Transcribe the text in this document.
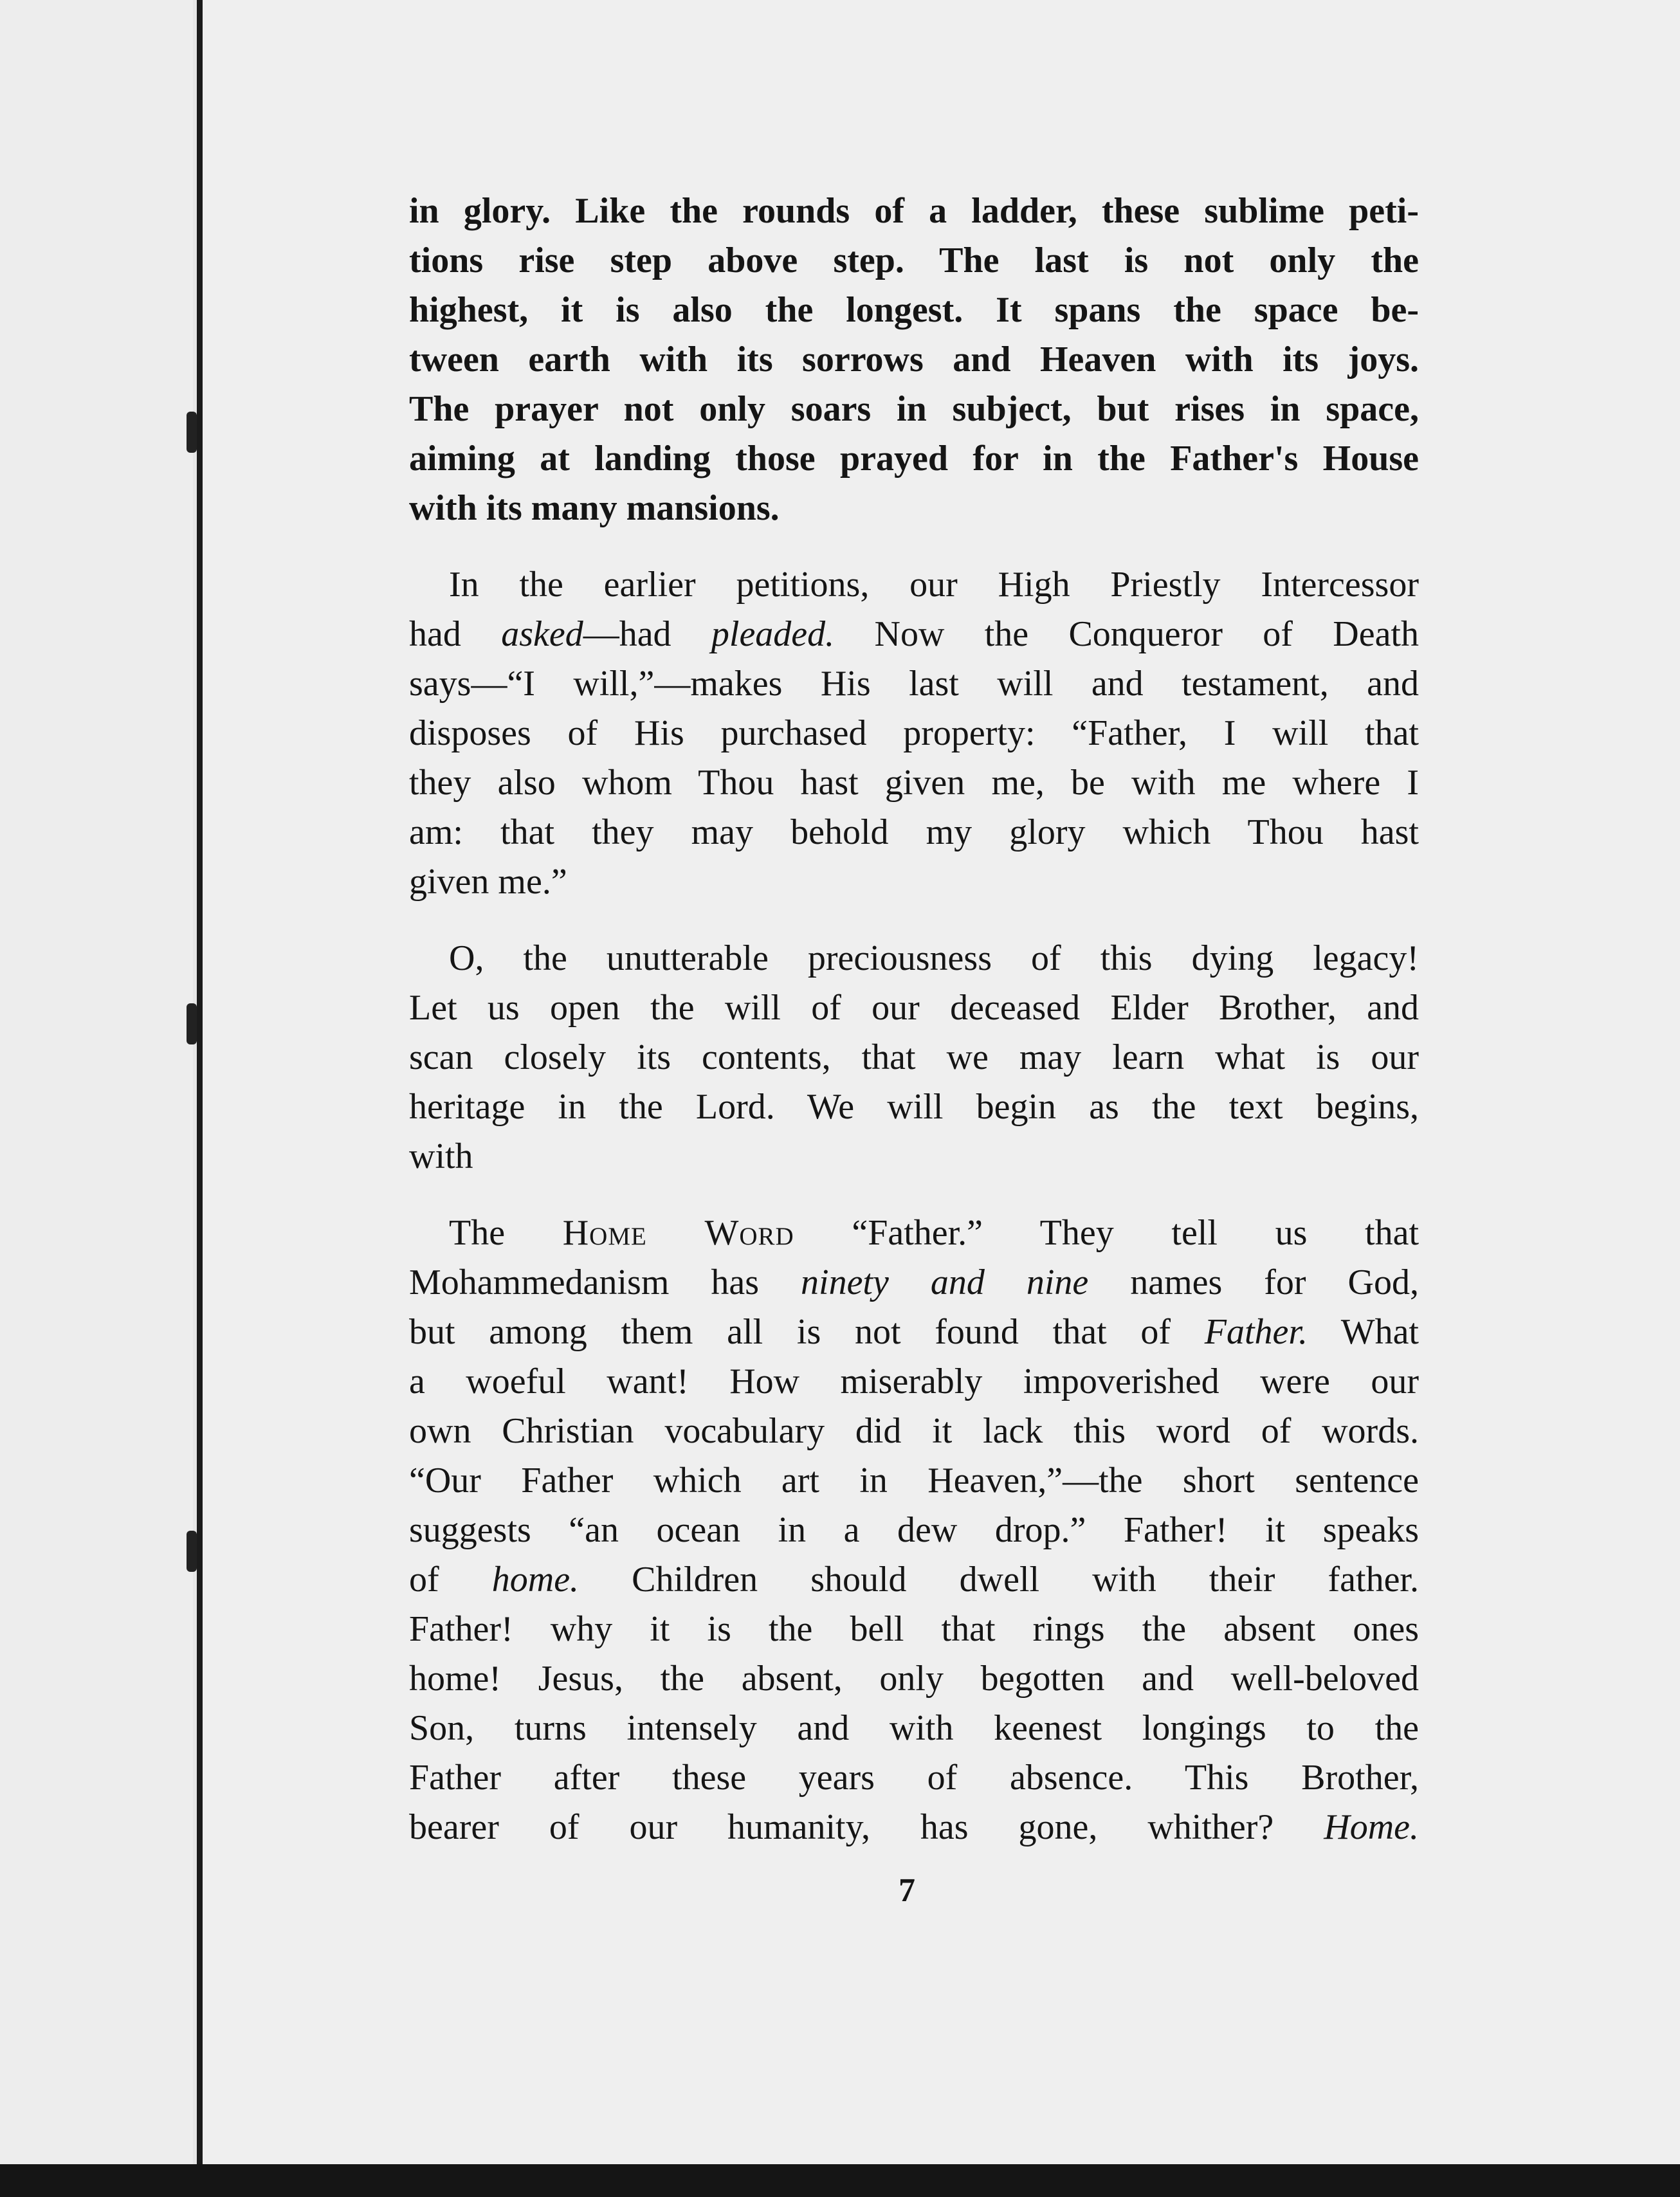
in glory. Like the rounds of a ladder, these sublime peti-
tions rise step above step. The last is not only the
highest, it is also the longest. It spans the space be-
tween earth with its sorrows and Heaven with its joys.
The prayer not only soars in subject, but rises in space,
aiming at landing those prayed for in the Father's House
with its many mansions.
In the earlier petitions, our High Priestly Intercessor
had asked—had pleaded. Now the Conqueror of Death
says—“I will,”—makes His last will and testament, and
disposes of His purchased property: “Father, I will that
they also whom Thou hast given me, be with me where I
am: that they may behold my glory which Thou hast
given me.”
O, the unutterable preciousness of this dying legacy!
Let us open the will of our deceased Elder Brother, and
scan closely its contents, that we may learn what is our
heritage in the Lord. We will begin as the text begins,
with
The Home Word “Father.” They tell us that
Mohammedanism has ninety and nine names for God,
but among them all is not found that of Father. What
a woeful want! How miserably impoverished were our
own Christian vocabulary did it lack this word of words.
“Our Father which art in Heaven,”—the short sentence
suggests “an ocean in a dew drop.” Father! it speaks
of home. Children should dwell with their father.
Father! why it is the bell that rings the absent ones
home! Jesus, the absent, only begotten and well-beloved
Son, turns intensely and with keenest longings to the
Father after these years of absence. This Brother,
bearer of our humanity, has gone, whither? Home.
7
